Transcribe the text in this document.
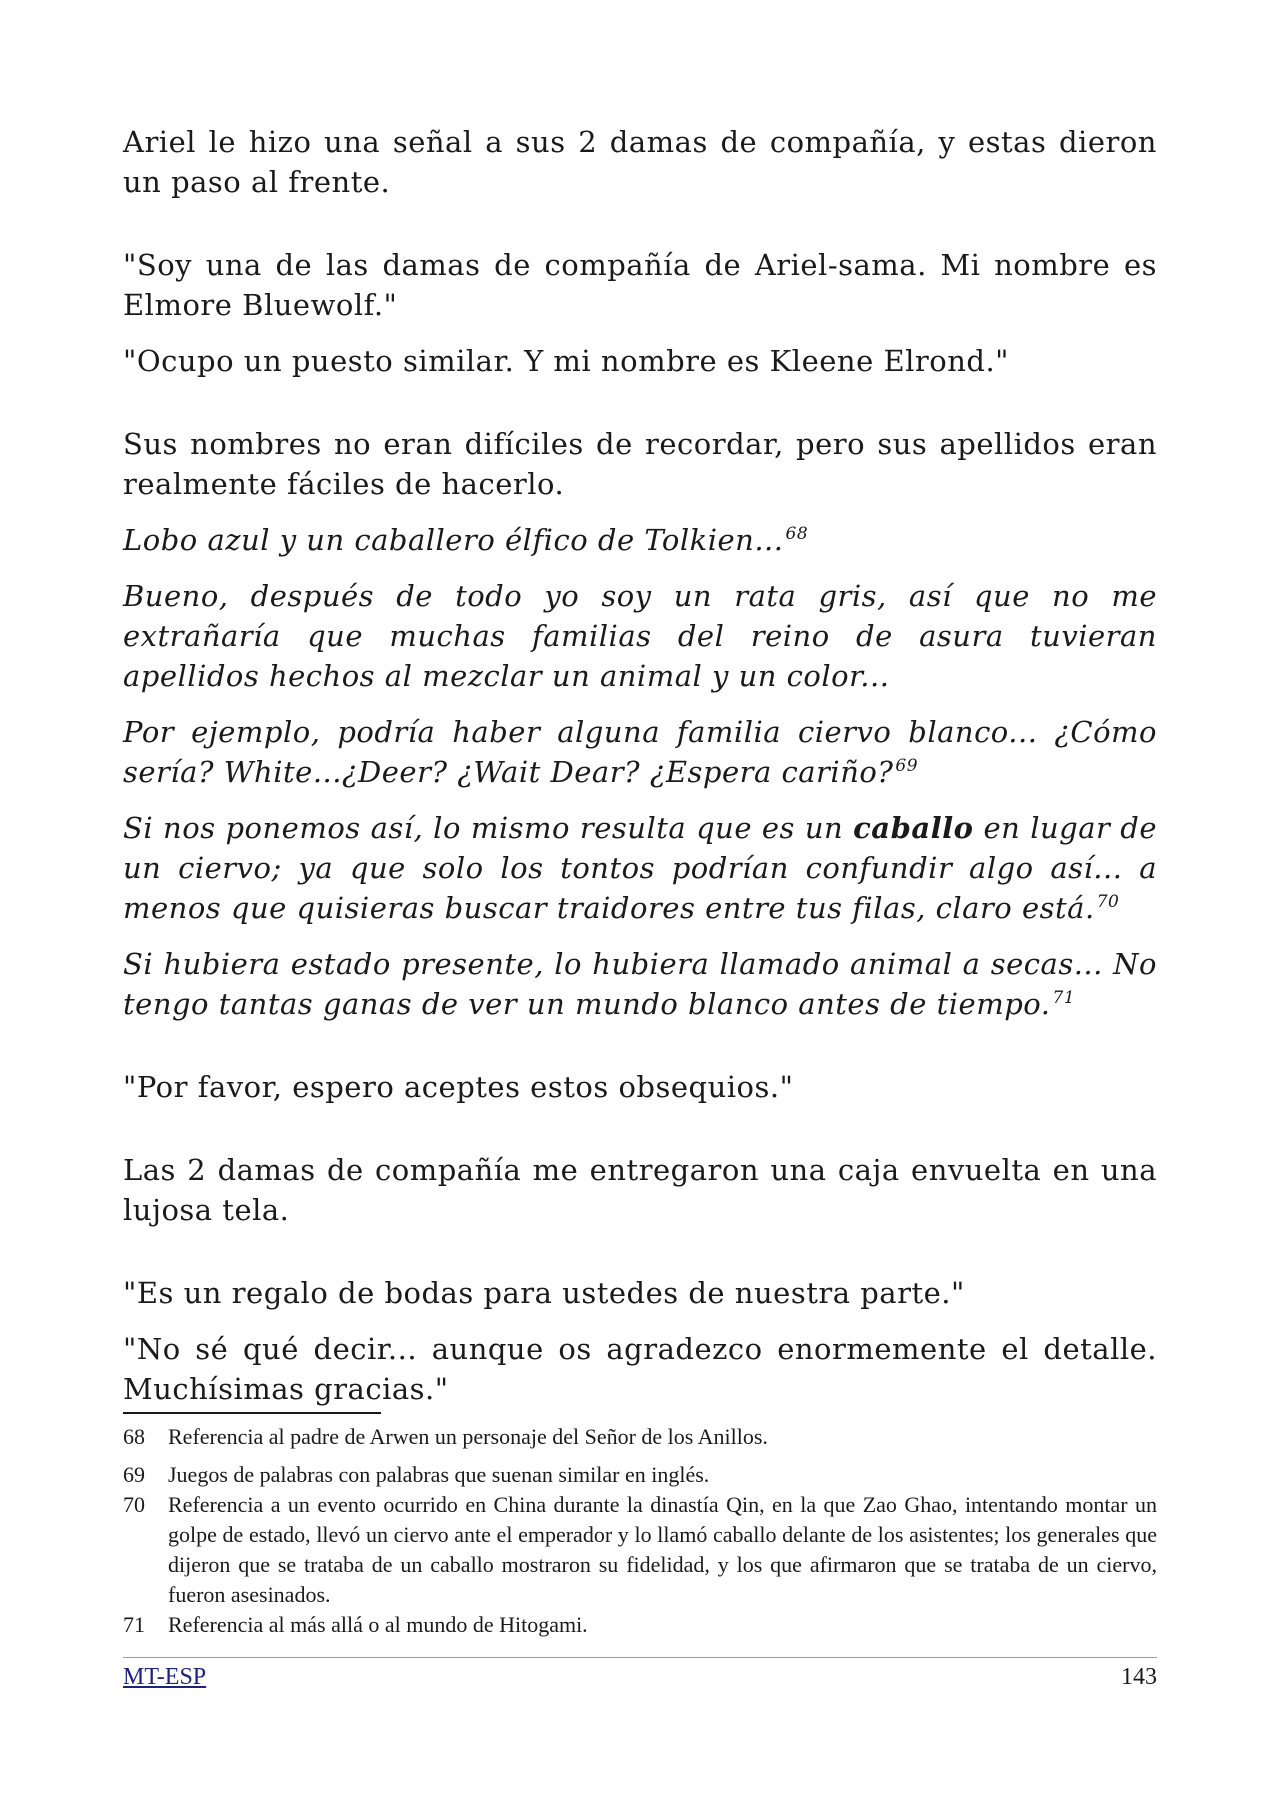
Ariel le hizo una señal a sus 2 damas de compañía, y estas dieron un paso al frente.

"Soy una de las damas de compañía de Ariel-sama. Mi nombre es Elmore Bluewolf."

"Ocupo un puesto similar. Y mi nombre es Kleene Elrond."

Sus nombres no eran difíciles de recordar, pero sus apellidos eran realmente fáciles de hacerlo.

Lobo azul y un caballero élfico de Tolkien... $^{68}$

Bueno, después de todo yo soy un rata gris, así que no me extrañaría que muchas familias del reino de asura tuvieran apellidos hechos al mezclar un animal y un color...

Por ejemplo, podría haber alguna familia ciervo blanco... ¿Cómo sería? White...¿Deer? ¿Wait Dear? ¿Espera cariño? $^{69}$

Si nos ponemos así, lo mismo resulta que es un caballo en lugar de un ciervo; ya que solo los tontos podrían confundir algo así... a menos que quisieras buscar traidores entre tus filas, claro está. $^{70}$

Si hubiera estado presente, lo hubiera llamado animal a secas... No tengo tantas ganas de ver un mundo blanco antes de tiempo. $^{71}$

"Por favor, espero aceptes estos obsequios."

Las 2 damas de compañía me entregaron una caja envuelta en una lujosa tela.

"Es un regalo de bodas para ustedes de nuestra parte."

"No sé qué decir... aunque os agradezco enormemente el detalle. Muchísimas gracias."

68	Referencia al padre de Arwen un personaje del Señor de los Anillos.
69	Juegos de palabras con palabras que suenan similar en inglés.
70	Referencia a un evento ocurrido en China durante la dinastía Qin, en la que Zao Ghao, intentando montar un golpe de estado, llevó un ciervo ante el emperador y lo llamó caballo delante de los asistentes; los generales que dijeron que se trataba de un caballo mostraron su fidelidad, y los que afirmaron que se trataba de un ciervo, fueron asesinados.
71	Referencia al más allá o al mundo de Hitogami.
MT-ESP	143
